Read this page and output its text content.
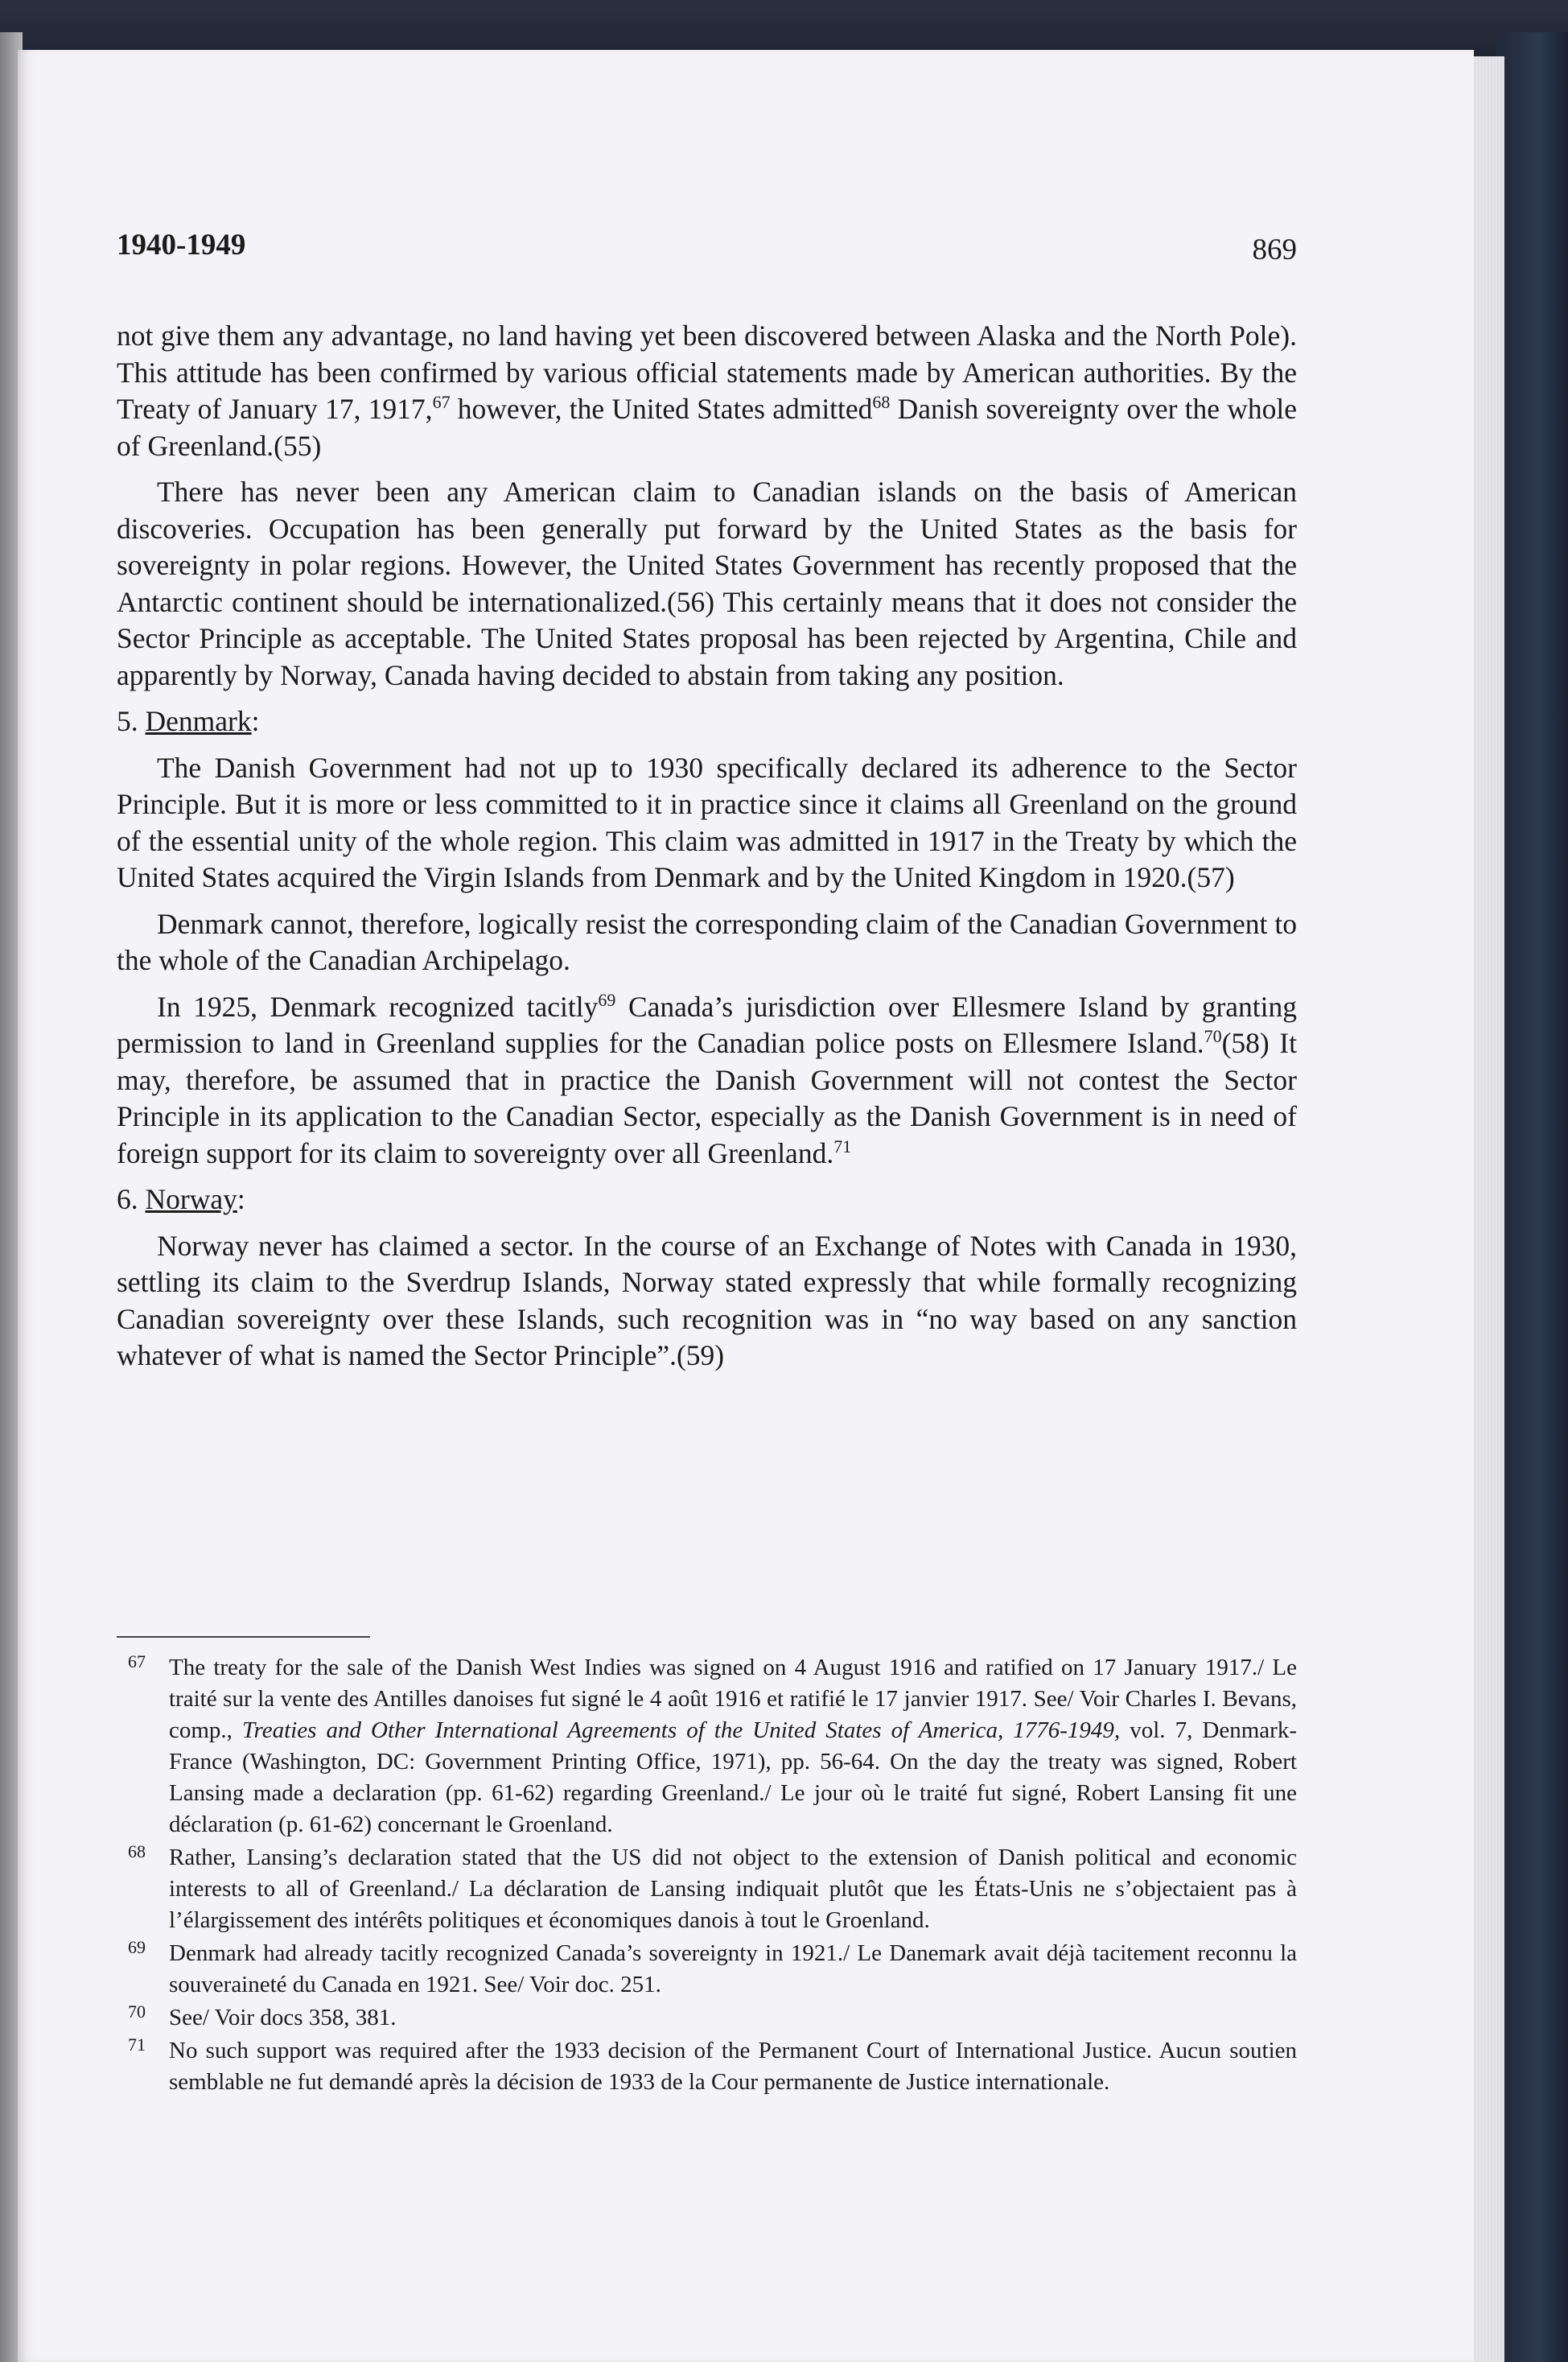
1940-1949	869

not give them any advantage, no land having yet been discovered between Alaska and the North Pole). This attitude has been confirmed by various official statements made by American authorities. By the Treaty of January 17, 1917,67 however, the United States admitted$^{68}$ Danish sovereignty over the whole of Greenland.(55)

There has never been any American claim to Canadian islands on the basis of American discoveries. Occupation has been generally put forward by the United States as the basis for sovereignty in polar regions. However, the United States Government has recently proposed that the Antarctic continent should be internationalized.(56) This certainly means that it does not consider the Sector Principle as acceptable. The United States proposal has been rejected by Argentina, Chile and apparently by Norway, Canada having decided to abstain from taking any position.

5. Denmark:

The Danish Government had not up to 1930 specifically declared its adherence to the Sector Principle. But it is more or less committed to it in practice since it claims all Greenland on the ground of the essential unity of the whole region. This claim was admitted in 1917 in the Treaty by which the United States acquired the Virgin Islands from Denmark and by the United Kingdom in 1920.(57)

Denmark cannot, therefore, logically resist the corresponding claim of the Canadian Government to the whole of the Canadian Archipelago.

In 1925, Denmark recognized tacitly$^{69}$ Canada’s jurisdiction over Ellesmere Island by granting permission to land in Greenland supplies for the Canadian police posts on Ellesmere Island.$^{70}$(58) It may, therefore, be assumed that in practice the Danish Government will not contest the Sector Principle in its application to the Canadian Sector, especially as the Danish Government is in need of foreign support for its claim to sovereignty over all Greenland.$^{71}$

6. Norway:

Norway never has claimed a sector. In the course of an Exchange of Notes with Canada in 1930, settling its claim to the Sverdrup Islands, Norway stated expressly that while formally recognizing Canadian sovereignty over these Islands, such recognition was in “no way based on any sanction whatever of what is named the Sector Principle”.(59)

67 The treaty for the sale of the Danish West Indies was signed on 4 August 1916 and ratified on 17 January 1917./ Le traité sur la vente des Antilles danoises fut signé le 4 août 1916 et ratifié le 17 janvier 1917. See/ Voir Charles I. Bevans, comp., Treaties and Other International Agreements of the United States of America, 1776-1949, vol. 7, Denmark-France (Washington, DC: Government Printing Office, 1971), pp. 56-64. On the day the treaty was signed, Robert Lansing made a declaration (pp. 61-62) regarding Greenland./ Le jour où le traité fut signé, Robert Lansing fit une déclaration (p. 61-62) concernant le Groenland.
68 Rather, Lansing’s declaration stated that the US did not object to the extension of Danish political and economic interests to all of Greenland./ La déclaration de Lansing indiquait plutôt que les États-Unis ne s’objectaient pas à l’élargissement des intérêts politiques et économiques danois à tout le Groenland.
69 Denmark had already tacitly recognized Canada’s sovereignty in 1921./ Le Danemark avait déjà tacitement reconnu la souveraineté du Canada en 1921. See/ Voir doc. 251.
70 See/ Voir docs 358, 381.
71 No such support was required after the 1933 decision of the Permanent Court of International Justice. Aucun soutien semblable ne fut demandé après la décision de 1933 de la Cour permanente de Justice internationale.
